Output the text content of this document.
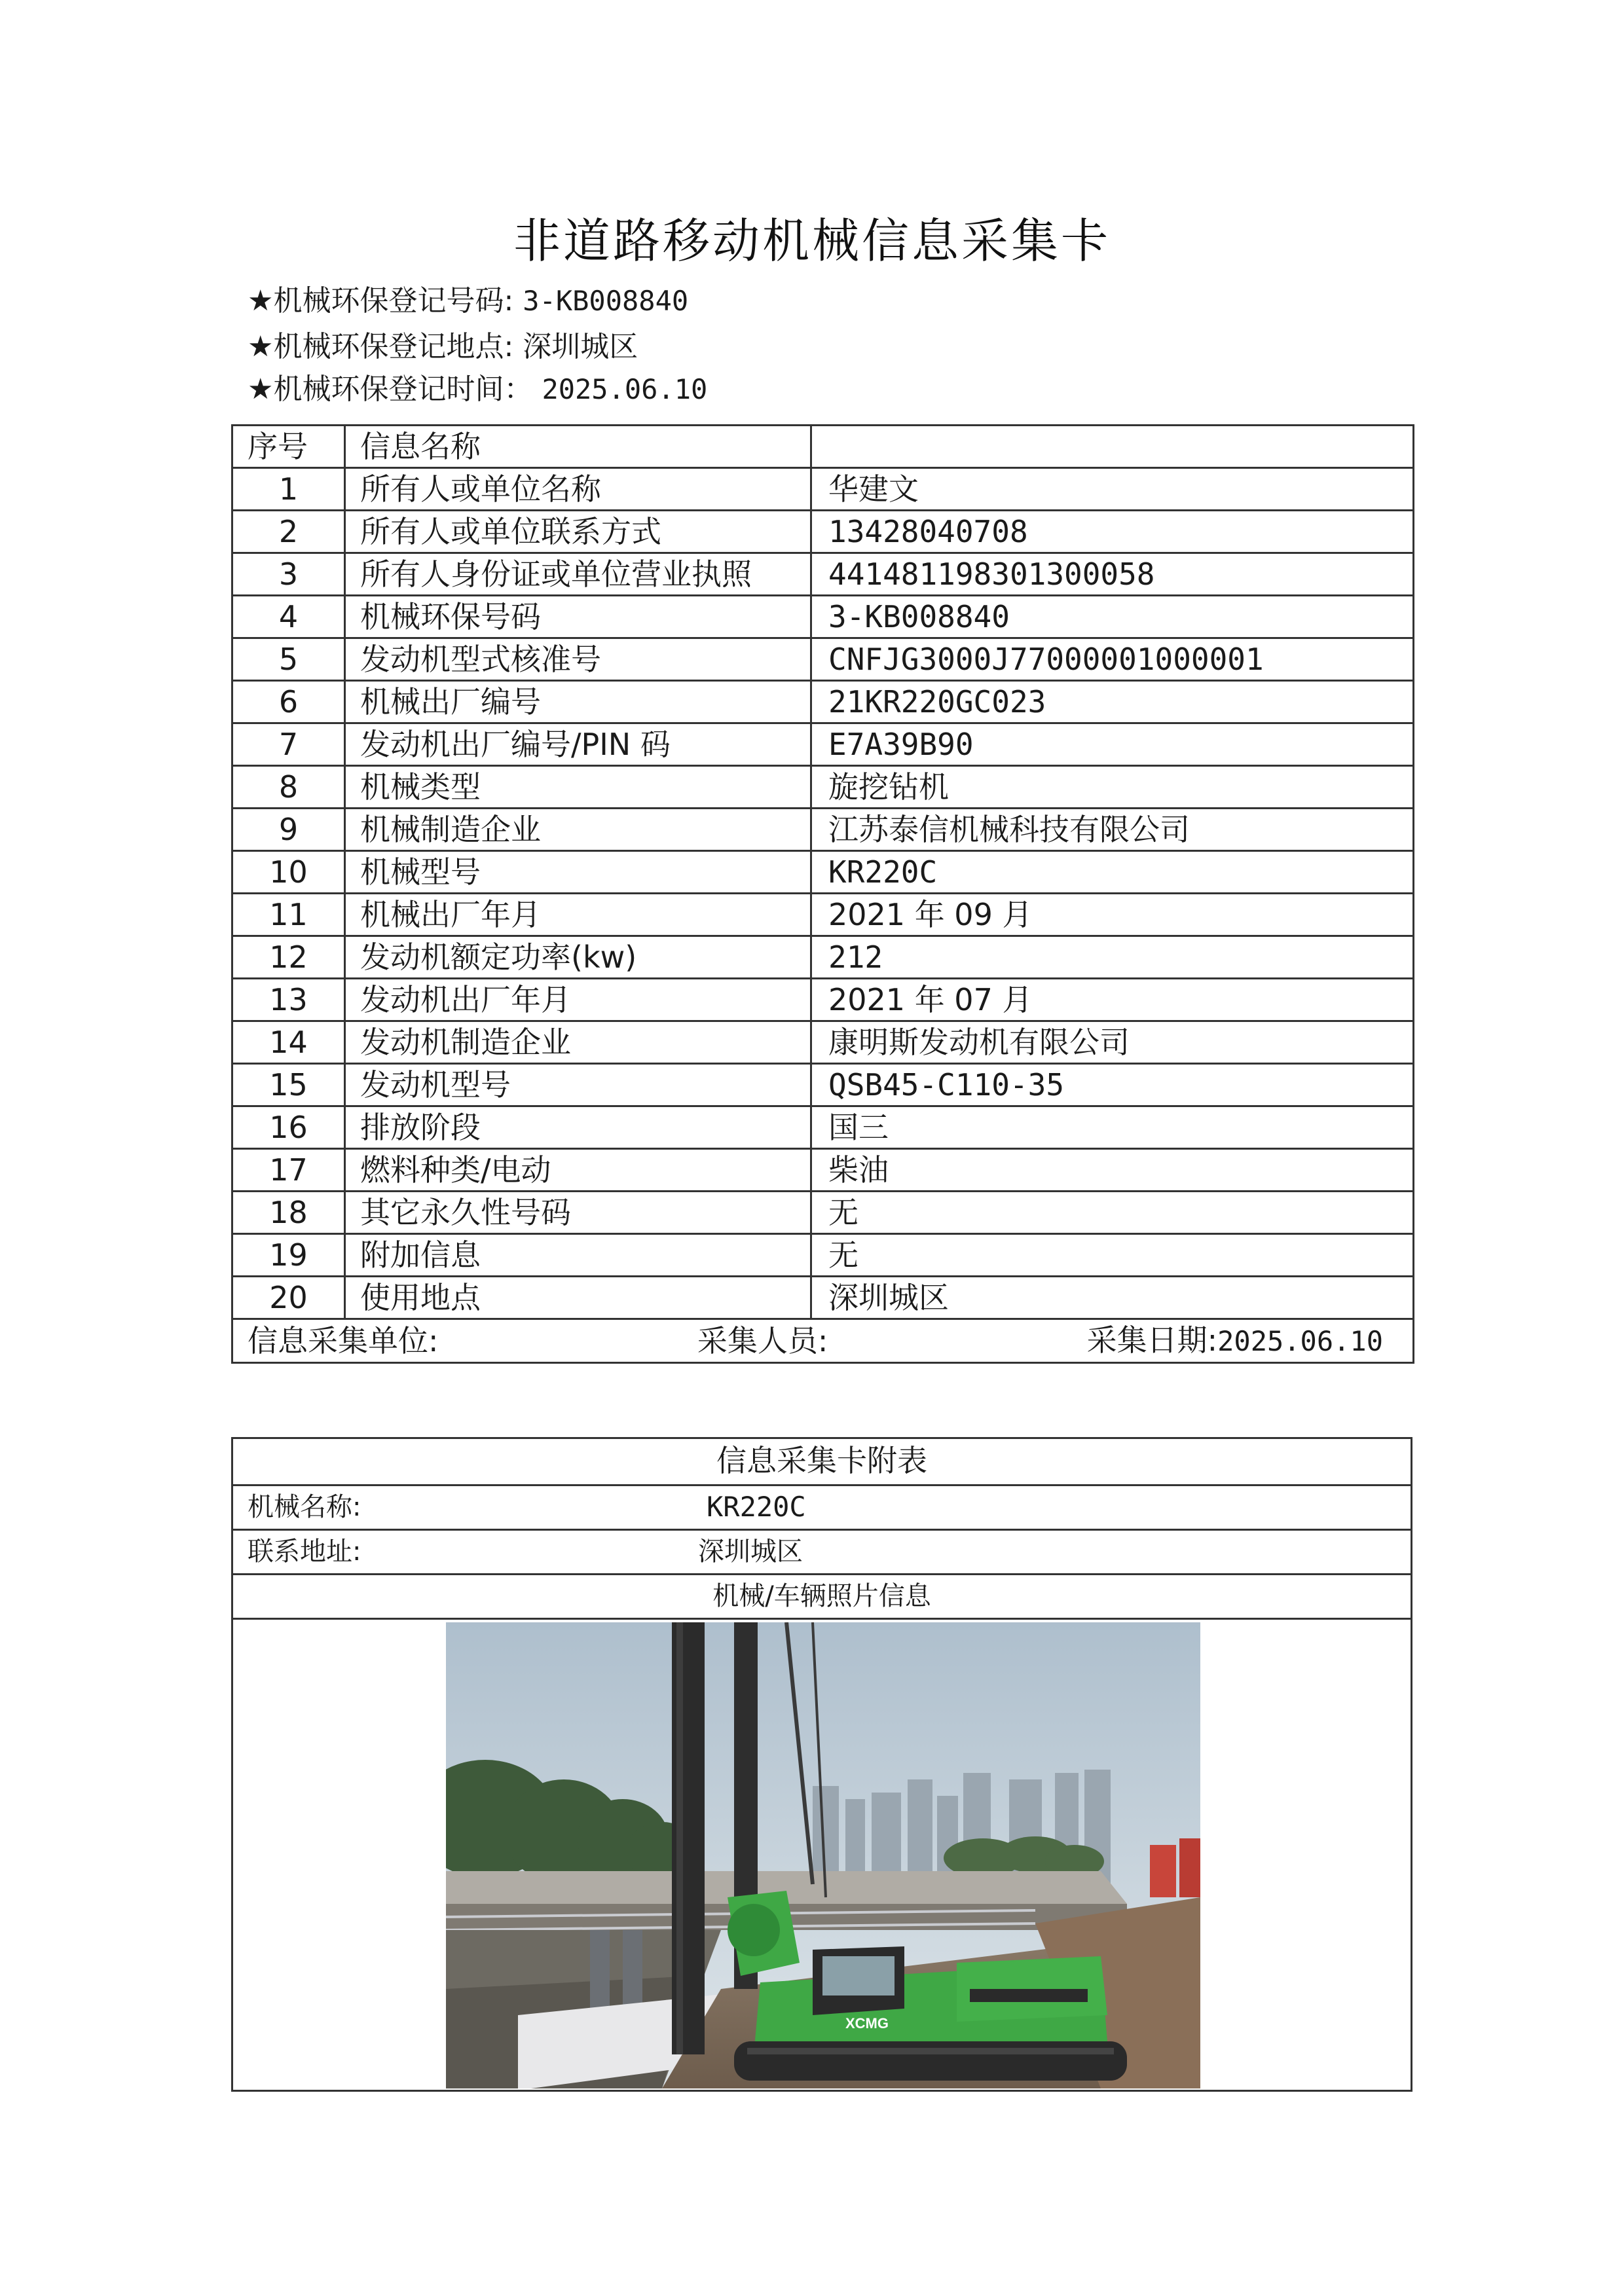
非道路移动机械信息采集卡
★机械环保登记号码: 3-KB008840
★机械环保登记地点: 深圳城区
★机械环保登记时间： 2025.06.10
序号	信息名称	
1	所有人或单位名称	华建文
2	所有人或单位联系方式	13428040708
3	所有人身份证或单位营业执照	441481198301300058
4	机械环保号码	3-KB008840
5	发动机型式核准号	CNFJG3000J77000001000001
6	机械出厂编号	21KR220GC023
7	发动机出厂编号/PIN 码	E7A39B90
8	机械类型	旋挖钻机
9	机械制造企业	江苏泰信机械科技有限公司
10	机械型号	KR220C
11	机械出厂年月	2021 年 09 月
12	发动机额定功率(kw)	212
13	发动机出厂年月	2021 年 07 月
14	发动机制造企业	康明斯发动机有限公司
15	发动机型号	QSB45-C110-35
16	排放阶段	国三
17	燃料种类/电动	柴油
18	其它永久性号码	无
19	附加信息	无
20	使用地点	深圳城区

信息采集单位: 采集人员: 采集日期:2025.06.10		
信息采集卡附表
机械名称:	KR220C
联系地址:	深圳城区
机械/车辆照片信息
XCMG
